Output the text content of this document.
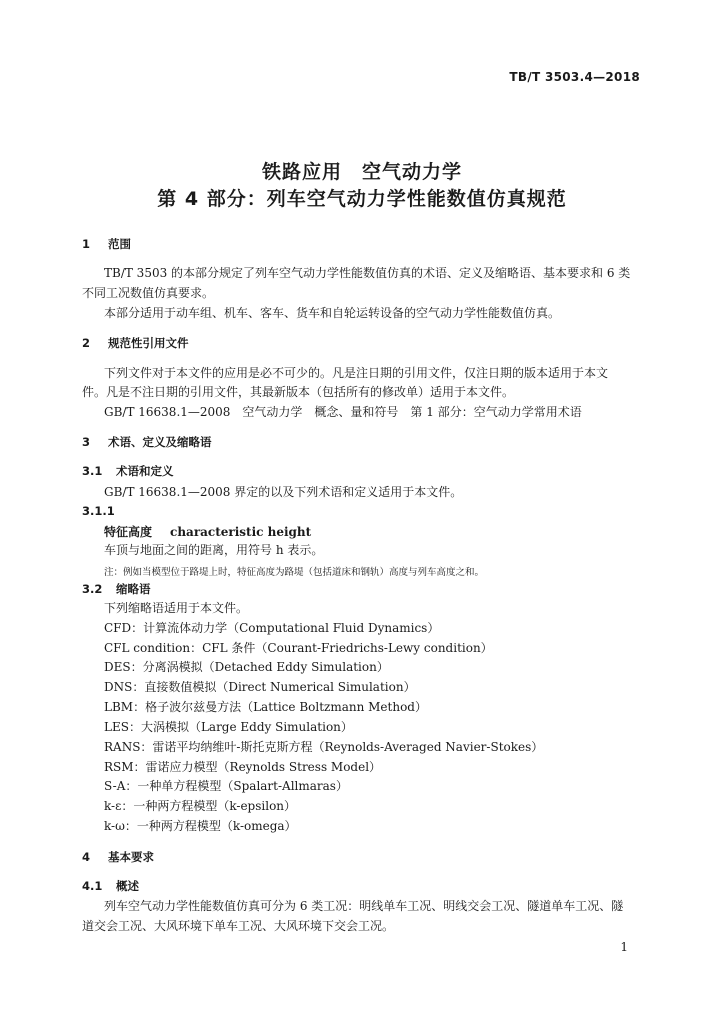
TB/T 3503.4—2018
铁路应用　空气动力学
第 4 部分：列车空气动力学性能数值仿真规范
1 范围
TB/T 3503 的本部分规定了列车空气动力学性能数值仿真的术语、定义及缩略语、基本要求和 6 类
不同工况数值仿真要求。
本部分适用于动车组、机车、客车、货车和自轮运转设备的空气动力学性能数值仿真。
2 规范性引用文件
下列文件对于本文件的应用是必不可少的。凡是注日期的引用文件，仅注日期的版本适用于本文
件。凡是不注日期的引用文件，其最新版本（包括所有的修改单）适用于本文件。
GB/T 16638.1—2008　空气动力学　概念、量和符号　第 1 部分：空气动力学常用术语
3 术语、定义及缩略语
3.1 术语和定义
GB/T 16638.1—2008 界定的以及下列术语和定义适用于本文件。
3.1.1
特征高度 characteristic height
车顶与地面之间的距离，用符号 h 表示。
注：例如当模型位于路堤上时，特征高度为路堤（包括道床和钢轨）高度与列车高度之和。
3.2 缩略语
下列缩略语适用于本文件。
CFD：计算流体动力学（Computational Fluid Dynamics）
CFL condition：CFL 条件（Courant-Friedrichs-Lewy condition）
DES：分离涡模拟（Detached Eddy Simulation）
DNS：直接数值模拟（Direct Numerical Simulation）
LBM：格子波尔兹曼方法（Lattice Boltzmann Method）
LES：大涡模拟（Large Eddy Simulation）
RANS：雷诺平均纳维叶-斯托克斯方程（Reynolds-Averaged Navier-Stokes）
RSM：雷诺应力模型（Reynolds Stress Model）
S-A：一种单方程模型（Spalart-Allmaras）
k-ε：一种两方程模型（k-epsilon）
k-ω：一种两方程模型（k-omega）
4 基本要求
4.1 概述
列车空气动力学性能数值仿真可分为 6 类工况：明线单车工况、明线交会工况、隧道单车工况、隧
道交会工况、大风环境下单车工况、大风环境下交会工况。
1
